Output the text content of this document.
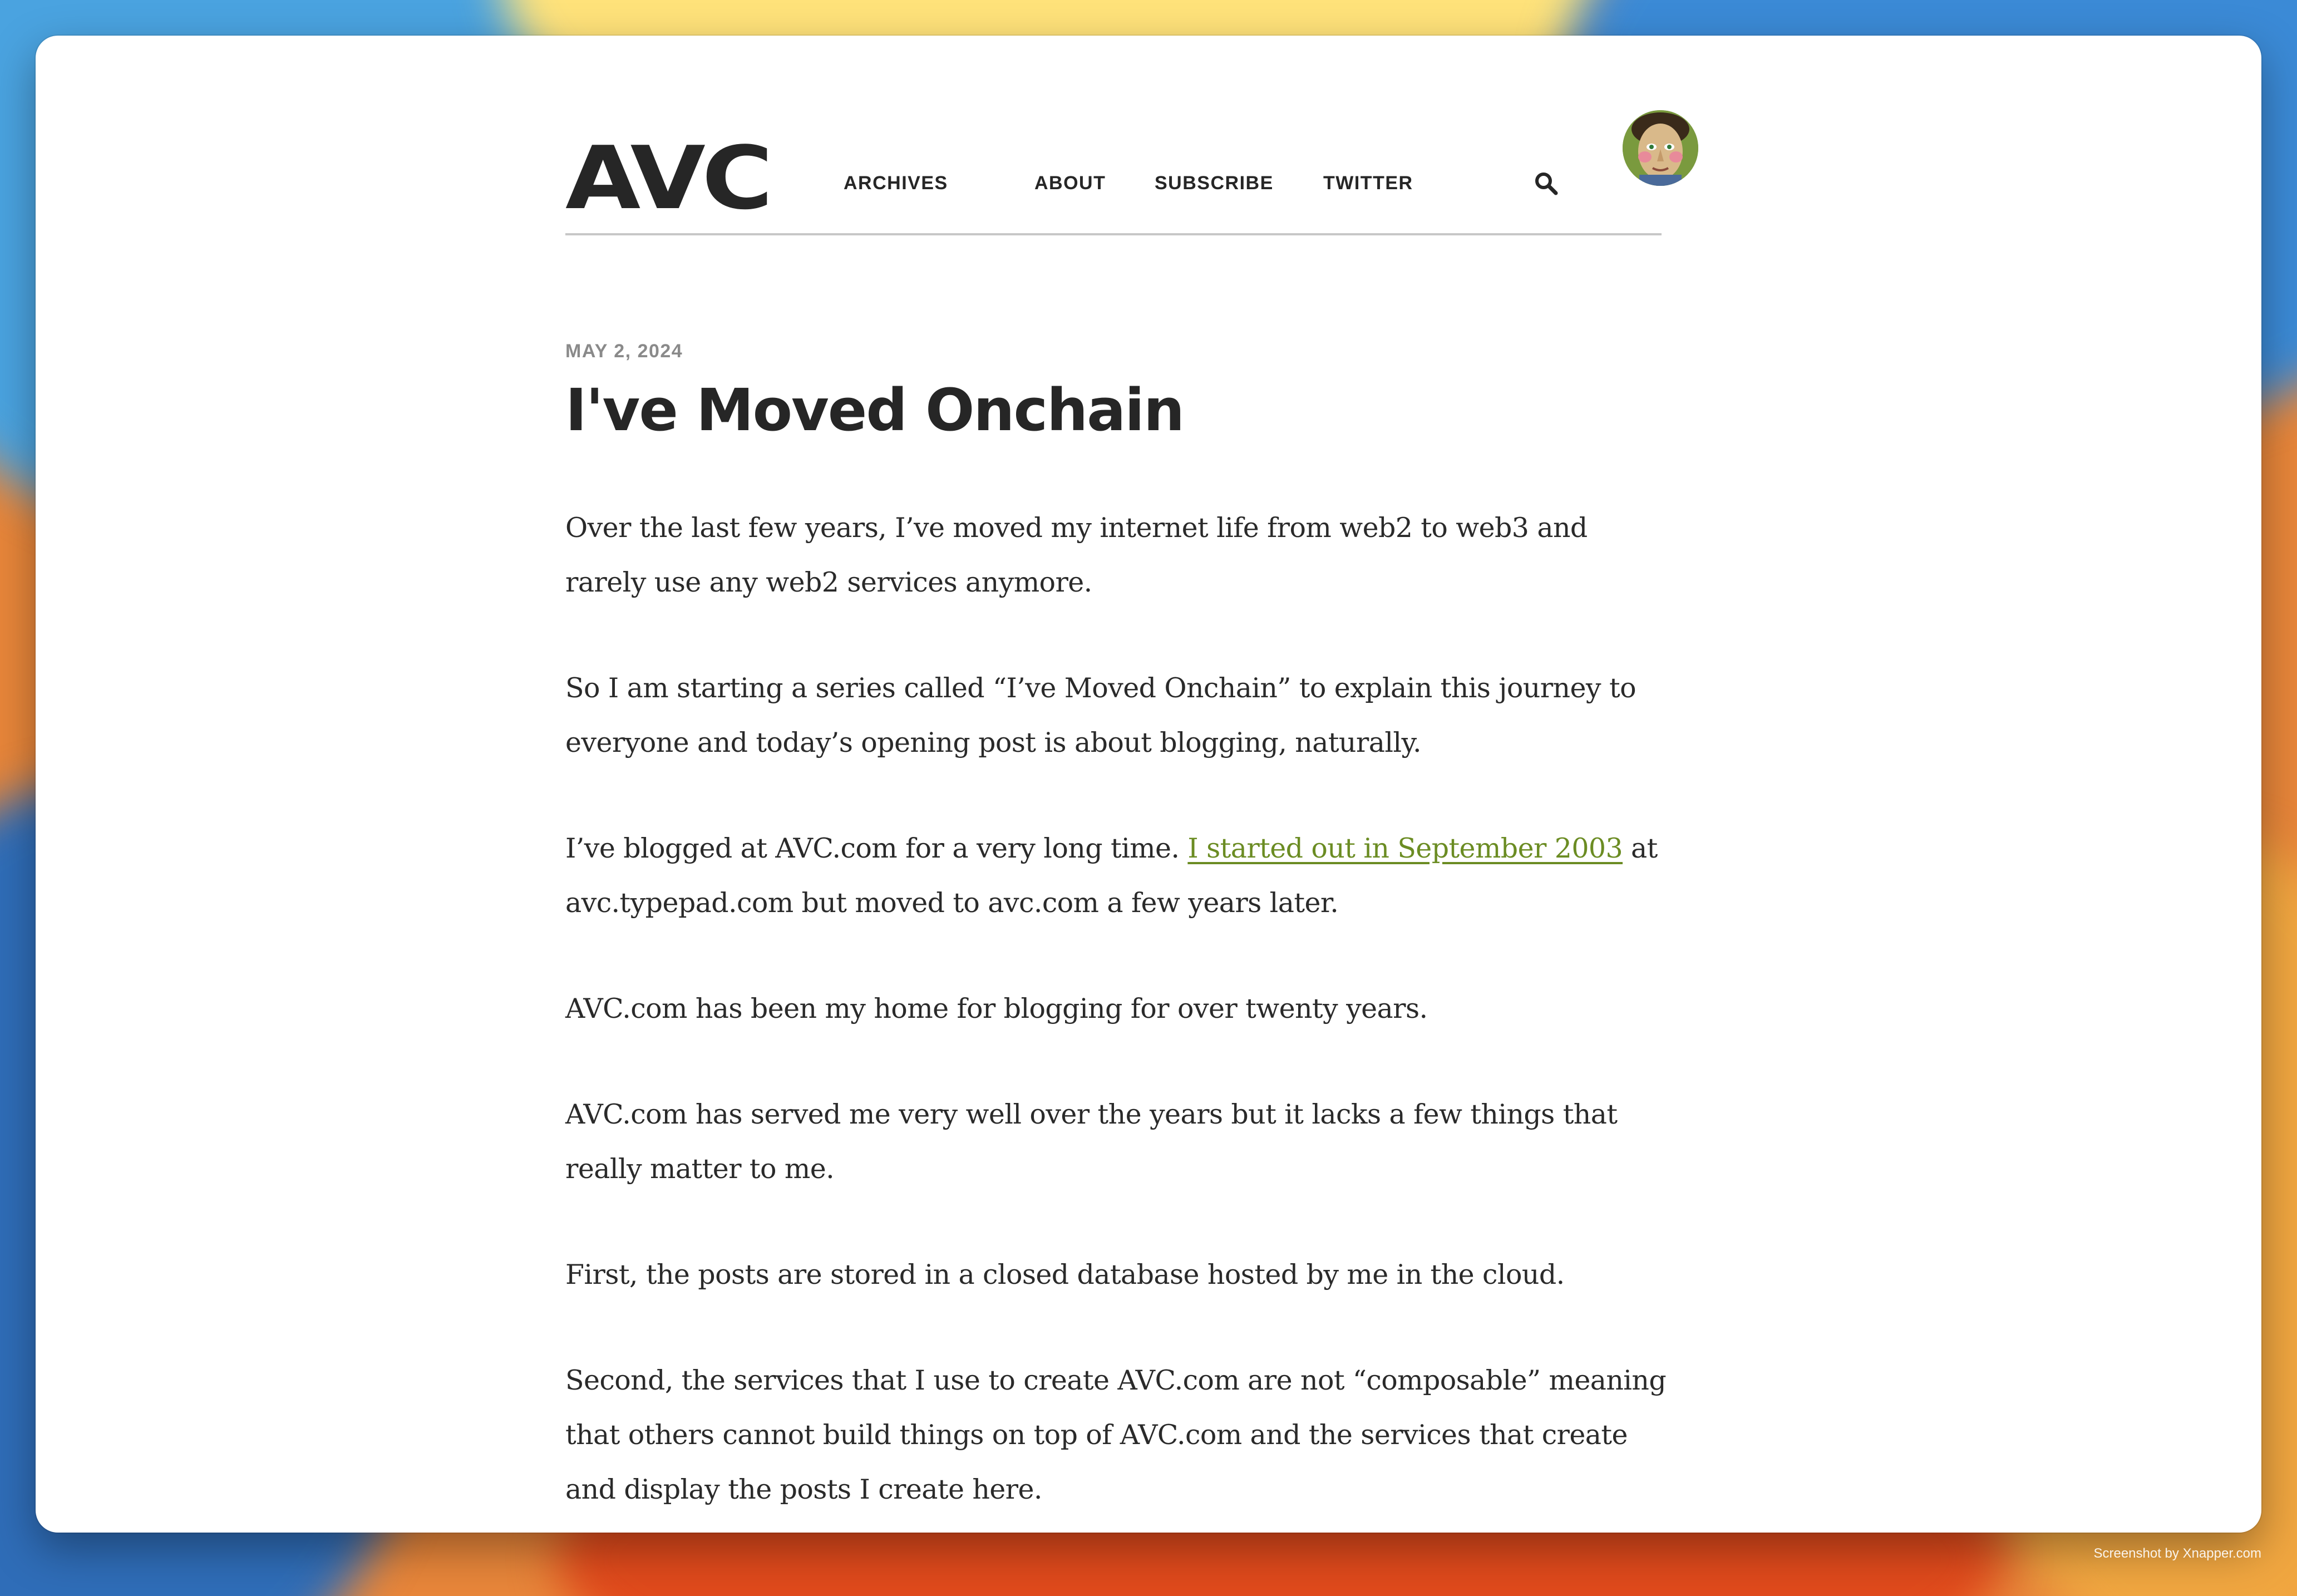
AVC	ARCHIVES	ABOUT	SUBSCRIBE	TWITTER
MAY 2, 2024
I've Moved Onchain

Over the last few years, I’ve moved my internet life from web2 to web3 and rarely use any web2 services anymore.

So I am starting a series called “I’ve Moved Onchain” to explain this journey to everyone and today’s opening post is about blogging, naturally.

I’ve blogged at AVC.com for a very long time. I started out in September 2003 at avc.typepad.com but moved to avc.com a few years later.

AVC.com has been my home for blogging for over twenty years.

AVC.com has served me very well over the years but it lacks a few things that really matter to me.

First, the posts are stored in a closed database hosted by me in the cloud.

Second, the services that I use to create AVC.com are not “composable” meaning that others cannot build things on top of AVC.com and the services that create and display the posts I create here.

Screenshot by Xnapper.com
